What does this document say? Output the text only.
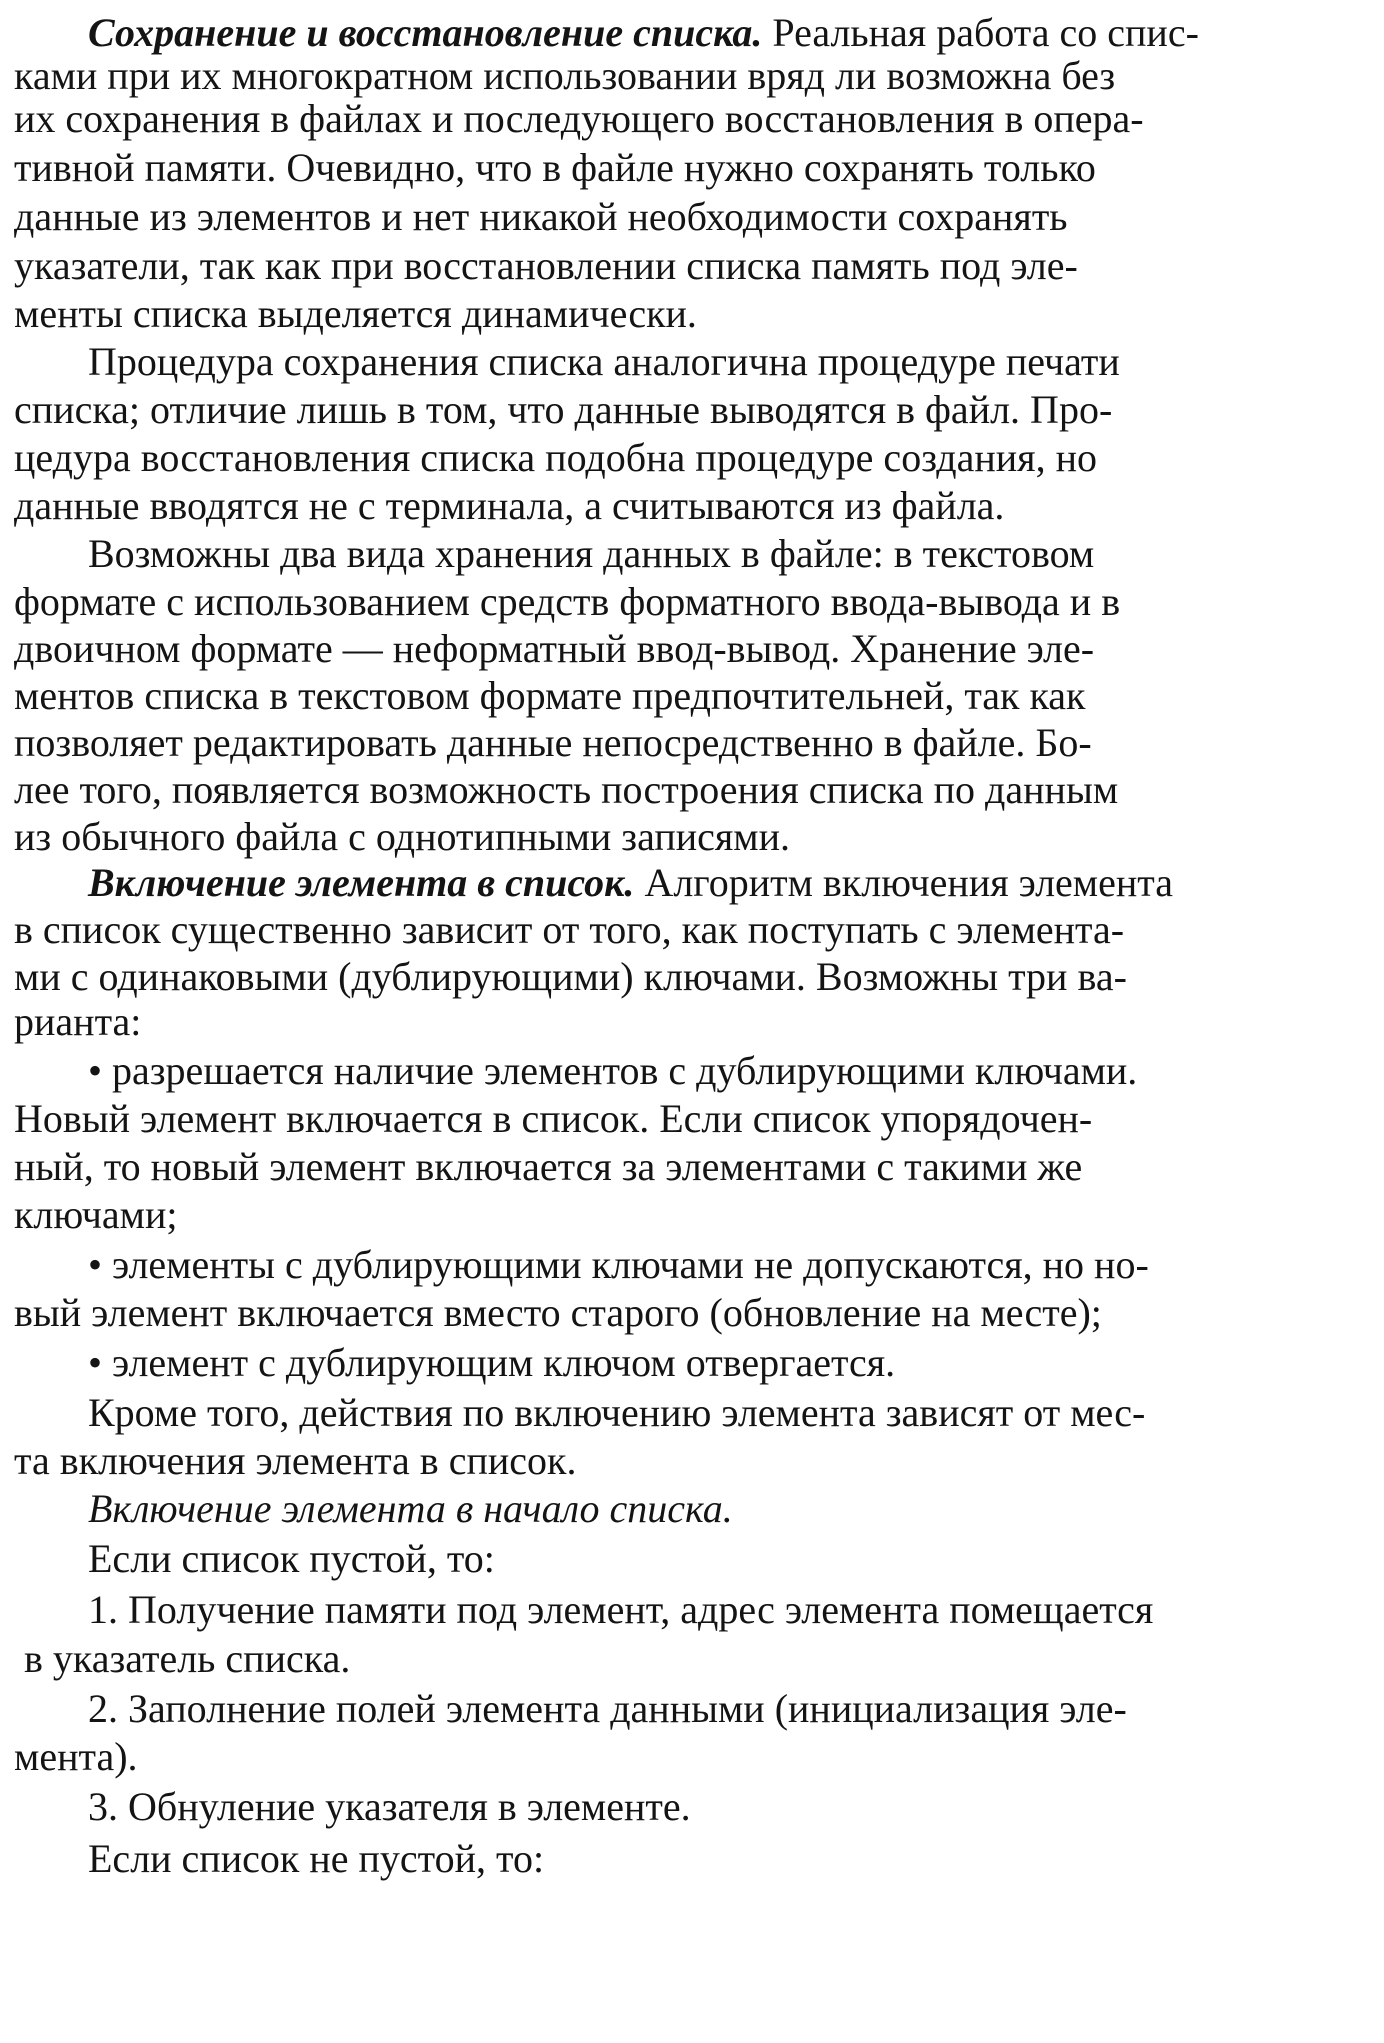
Сохранение и восстановление списка. Реальная работа со спис-
ками при их многократном использовании вряд ли возможна без
их сохранения в файлах и последующего восстановления в опера-
тивной памяти. Очевидно, что в файле нужно сохранять только
данные из элементов и нет никакой необходимости сохранять
указатели, так как при восстановлении списка память под эле-
менты списка выделяется динамически.
Процедура сохранения списка аналогична процедуре печати
списка; отличие лишь в том, что данные выводятся в файл. Про-
цедура восстановления списка подобна процедуре создания, но
данные вводятся не с терминала, а считываются из файла.
Возможны два вида хранения данных в файле: в текстовом
формате с использованием средств форматного ввода-вывода и в
двоичном формате — неформатный ввод-вывод. Хранение эле-
ментов списка в текстовом формате предпочтительней, так как
позволяет редактировать данные непосредственно в файле. Бо-
лее того, появляется возможность построения списка по данным
из обычного файла с однотипными записями.
Включение элемента в список. Алгоритм включения элемента
в список существенно зависит от того, как поступать с элемента-
ми с одинаковыми (дублирующими) ключами. Возможны три ва-
рианта:
• разрешается наличие элементов с дублирующими ключами.
Новый элемент включается в список. Если список упорядочен-
ный, то новый элемент включается за элементами с такими же
ключами;
• элементы с дублирующими ключами не допускаются, но но-
вый элемент включается вместо старого (обновление на месте);
• элемент с дублирующим ключом отвергается.
Кроме того, действия по включению элемента зависят от мес-
та включения элемента в список.
Включение элемента в начало списка.
Если список пустой, то:
1. Получение памяти под элемент, адрес элемента помещается
в указатель списка.
2. Заполнение полей элемента данными (инициализация эле-
мента).
3. Обнуление указателя в элементе.
Если список не пустой, то:
